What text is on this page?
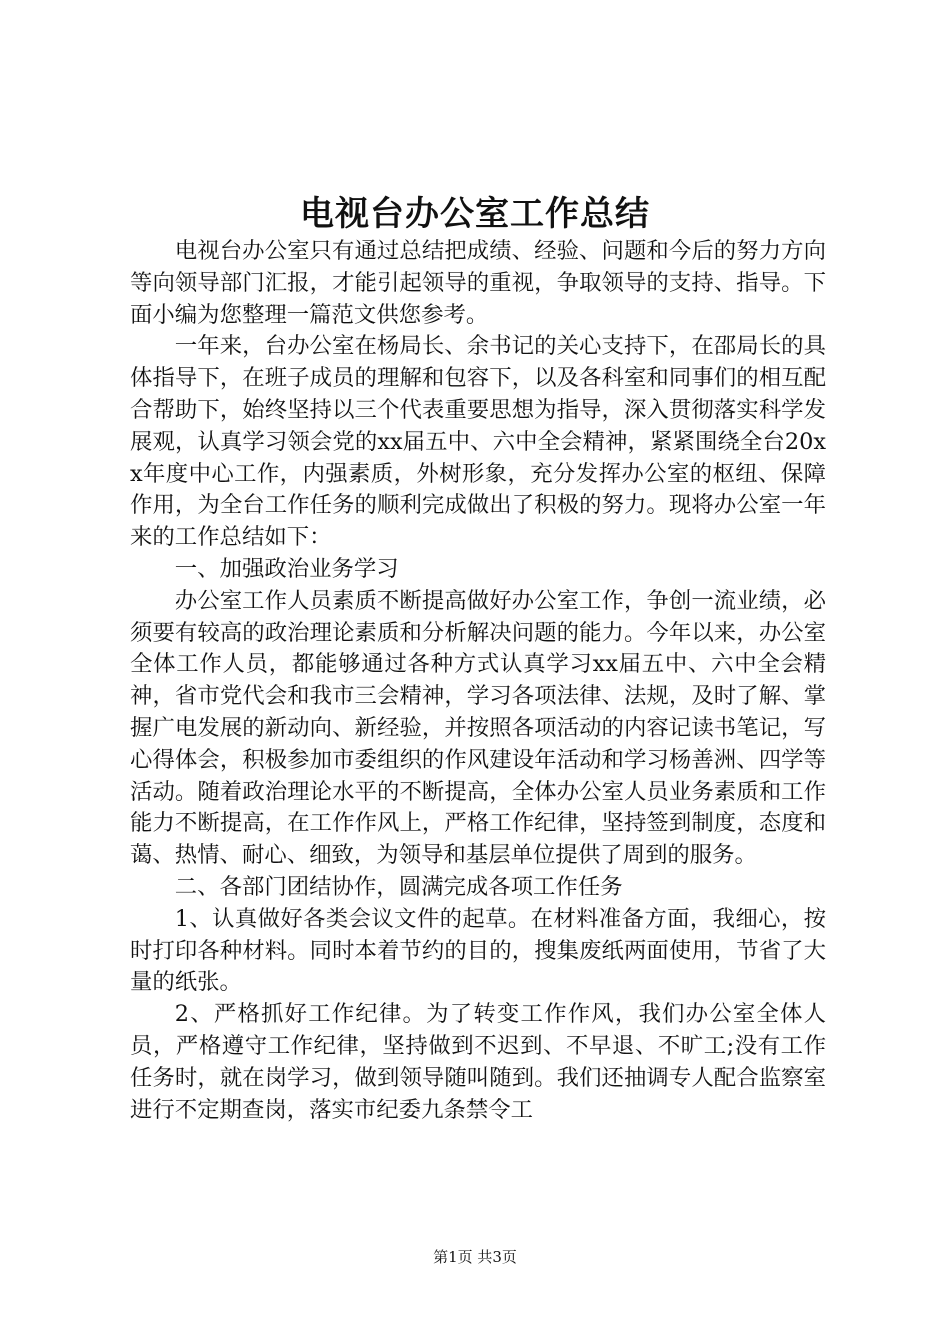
电视台办公室工作总结

电视台办公室只有通过总结把成绩、经验、问题和今后的努力方向等向领导部门汇报，才能引起领导的重视，争取领导的支持、指导。下面小编为您整理一篇范文供您参考。

一年来，台办公室在杨局长、余书记的关心支持下，在邵局长的具体指导下，在班子成员的理解和包容下，以及各科室和同事们的相互配合帮助下，始终坚持以三个代表重要思想为指导，深入贯彻落实科学发展观，认真学习领会党的xx届五中、六中全会精神，紧紧围绕全台20xx年度中心工作，内强素质，外树形象，充分发挥办公室的枢纽、保障作用，为全台工作任务的顺利完成做出了积极的努力。现将办公室一年来的工作总结如下：

一、加强政治业务学习

办公室工作人员素质不断提高做好办公室工作，争创一流业绩，必须要有较高的政治理论素质和分析解决问题的能力。今年以来，办公室全体工作人员，都能够通过各种方式认真学习xx届五中、六中全会精神，省市党代会和我市三会精神，学习各项法律、法规，及时了解、掌握广电发展的新动向、新经验，并按照各项活动的内容记读书笔记，写心得体会，积极参加市委组织的作风建设年活动和学习杨善洲、四学等活动。随着政治理论水平的不断提高，全体办公室人员业务素质和工作能力不断提高，在工作作风上，严格工作纪律，坚持签到制度，态度和蔼、热情、耐心、细致，为领导和基层单位提供了周到的服务。

二、各部门团结协作，圆满完成各项工作任务

1、认真做好各类会议文件的起草。在材料准备方面，我细心，按时打印各种材料。同时本着节约的目的，搜集废纸两面使用，节省了大量的纸张。

2、严格抓好工作纪律。为了转变工作作风，我们办公室全体人员，严格遵守工作纪律，坚持做到不迟到、不早退、不旷工;没有工作任务时，就在岗学习，做到领导随叫随到。我们还抽调专人配合监察室进行不定期查岗，落实市纪委九条禁令工

第1页 共3页
